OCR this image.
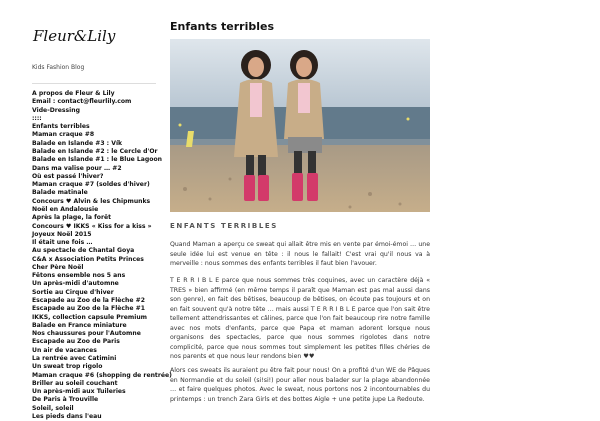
Fleur&Lily
Kids Fashion Blog
A propos de Fleur & Lily
Email : contact@fleurlily.com
Vide-Dressing
::::
Enfants terribles
Maman craque #8
Balade en Islande #3 : Vík
Balade en Islande #2 : le Cercle d'Or
Balade en Islande #1 : le Blue Lagoon
Dans ma valise pour … #2
Où est passé l'hiver?
Maman craque #7 (soldes d'hiver)
Balade matinale
Concours ♥ Alvin & les Chipmunks
Noël en Andalousie
Après la plage, la forêt
Concours ♥ IKKS « Kiss for a kiss »
Joyeux Noël 2015
Il était une fois …
Au spectacle de Chantal Goya
C&A x Association Petits Princes
Cher Père Noël
Fêtons ensemble nos 5 ans
Un après-midi d'automne
Sortie au Cirque d'hiver
Escapade au Zoo de la Flèche #2
Escapade au Zoo de la Flèche #1
IKKS, collection capsule Premium
Balade en France miniature
Nos chaussures pour l'Automne
Escapade au Zoo de Paris
Un air de vacances
La rentrée avec Catimini
Un sweat trop rigolo
Maman craque #6 (shopping de rentrée)
Briller au soleil couchant
Un après-midi aux Tuileries
De Paris à Trouville
Soleil, soleil
Les pieds dans l'eau
Enfants terribles
ENFANTS TERRIBLES

Quand Maman a aperçu ce sweat qui allait être mis en vente par émoi-émoi … une seule idée lui est venue en tête : il nous le fallait! C'est vrai qu'il nous va à merveille : nous sommes des enfants terribles il faut bien l'avouer.

T E R R I B L E parce que nous sommes très coquines, avec un caractère déjà « TRES » bien affirmé (en même temps il paraît que Maman est pas mal aussi dans son genre), en fait des bêtises, beaucoup de bêtises, on écoute pas toujours et on en fait souvent qu'à notre tête … mais aussi T E R R I B L E parce que l'on sait être tellement attendrissantes et câlines, parce que l'on fait beaucoup rire notre famille avec nos mots d'enfants, parce que Papa et maman adorent lorsque nous organisons des spectacles, parce que nous sommes rigolotes dans notre complicité, parce que nous sommes tout simplement les petites filles chéries de nos parents et que nous leur rendons bien ♥♥

Alors ces sweats ils auraient pu être fait pour nous! On a profité d'un WE de Pâques en Normandie et du soleil (si!si!) pour aller nous balader sur la plage abandonnée … et faire quelques photos. Avec le sweat, nous portons nos 2 incontournables du printemps : un trench Zara Girls et des bottes Aigle + une petite jupe La Redoute.
